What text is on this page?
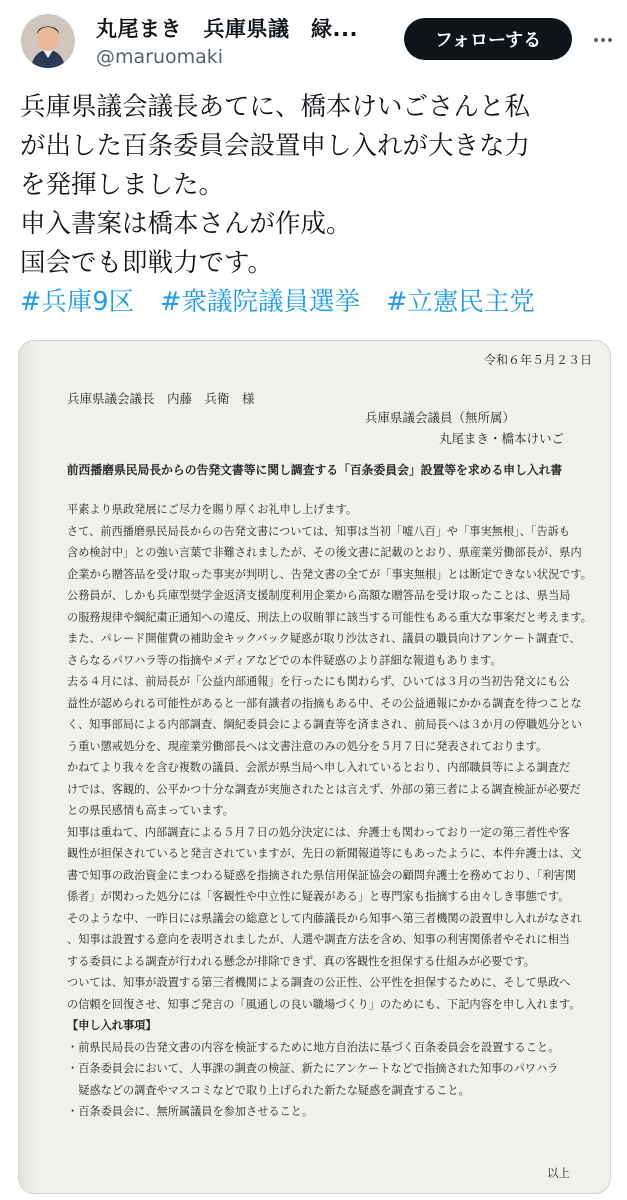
丸尾まき　兵庫県議　緑...
@maruomaki
フォローする
兵庫県議会議長あてに、橋本けいごさんと私
が出した百条委員会設置申し入れが大きな力
を発揮しました。
申入書案は橋本さんが作成。
国会でも即戦力です。
#兵庫9区 #衆議院議員選挙 #立憲民主党
令和６年５月２３日
兵庫県議会議長　内藤　兵衛　様
兵庫県議会議員（無所属）
丸尾まき・橋本けいご
前西播磨県民局長からの告発文書等に関し調査する「百条委員会」設置等を求める申し入れ書
平素より県政発展にご尽力を賜り厚くお礼申し上げます。
さて、前西播磨県民局長からの告発文書については、知事は当初「嘘八百」や「事実無根」、「告訴も
含め検討中」との強い言葉で非難されましたが、その後文書に記載のとおり、県産業労働部長が、県内
企業から贈答品を受け取った事実が判明し、告発文書の全てが「事実無根」とは断定できない状況です。
公務員が、しかも兵庫型奨学金返済支援制度利用企業から高額な贈答品を受け取ったことは、県当局
の服務規律や綱紀粛正通知への違反、刑法上の収賄罪に該当する可能性もある重大な事案だと考えます。
また、パレード開催費の補助金キックバック疑惑が取り沙汰され、議員の職員向けアンケート調査で、
さらなるパワハラ等の指摘やメディアなどでの本件疑惑のより詳細な報道もあります。
去る４月には、前局長が「公益内部通報」を行ったにも関わらず、ひいては３月の当初告発文にも公
益性が認められる可能性があると一部有識者の指摘もある中、その公益通報にかかる調査を待つことな
く、知事部局による内部調査、綱紀委員会による調査等を済まされ、前局長へは３か月の停職処分とい
う重い懲戒処分を、現産業労働部長へは文書注意のみの処分を５月７日に発表されております。
かねてより我々を含む複数の議員、会派が県当局へ申し入れているとおり、内部職員等による調査だ
けでは、客観的、公平かつ十分な調査が実施されたとは言えず、外部の第三者による調査検証が必要だ
との県民感情も高まっています。
知事は重ねて、内部調査による５月７日の処分決定には、弁護士も関わっており一定の第三者性や客
観性が担保されていると発言されていますが、先日の新聞報道等にもあったように、本件弁護士は、文
書で知事の政治資金にまつわる疑惑を指摘された県信用保証協会の顧問弁護士を務めており、「利害関
係者」が関わった処分には「客観性や中立性に疑義がある」と専門家も指摘する由々しき事態です。
そのような中、一昨日には県議会の総意として内藤議長から知事へ第三者機関の設置申し入れがなされ
、知事は設置する意向を表明されましたが、人選や調査方法を含め、知事の利害関係者やそれに相当
する委員による調査が行われる懸念が排除できず、真の客観性を担保する仕組みが必要です。
ついては、知事が設置する第三者機関による調査の公正性、公平性を担保するために、そして県政へ
の信頼を回復させ、知事ご発言の「風通しの良い職場づくり」のためにも、下記内容を申し入れます。
【申し入れ事項】
・前県民局長の告発文書の内容を検証するために地方自治法に基づく百条委員会を設置すること。
・百条委員会において、人事課の調査の検証、新たにアンケートなどで指摘された知事のパワハラ
　疑惑などの調査やマスコミなどで取り上げられた新たな疑惑を調査すること。
・百条委員会に、無所属議員を参加させること。
以上
